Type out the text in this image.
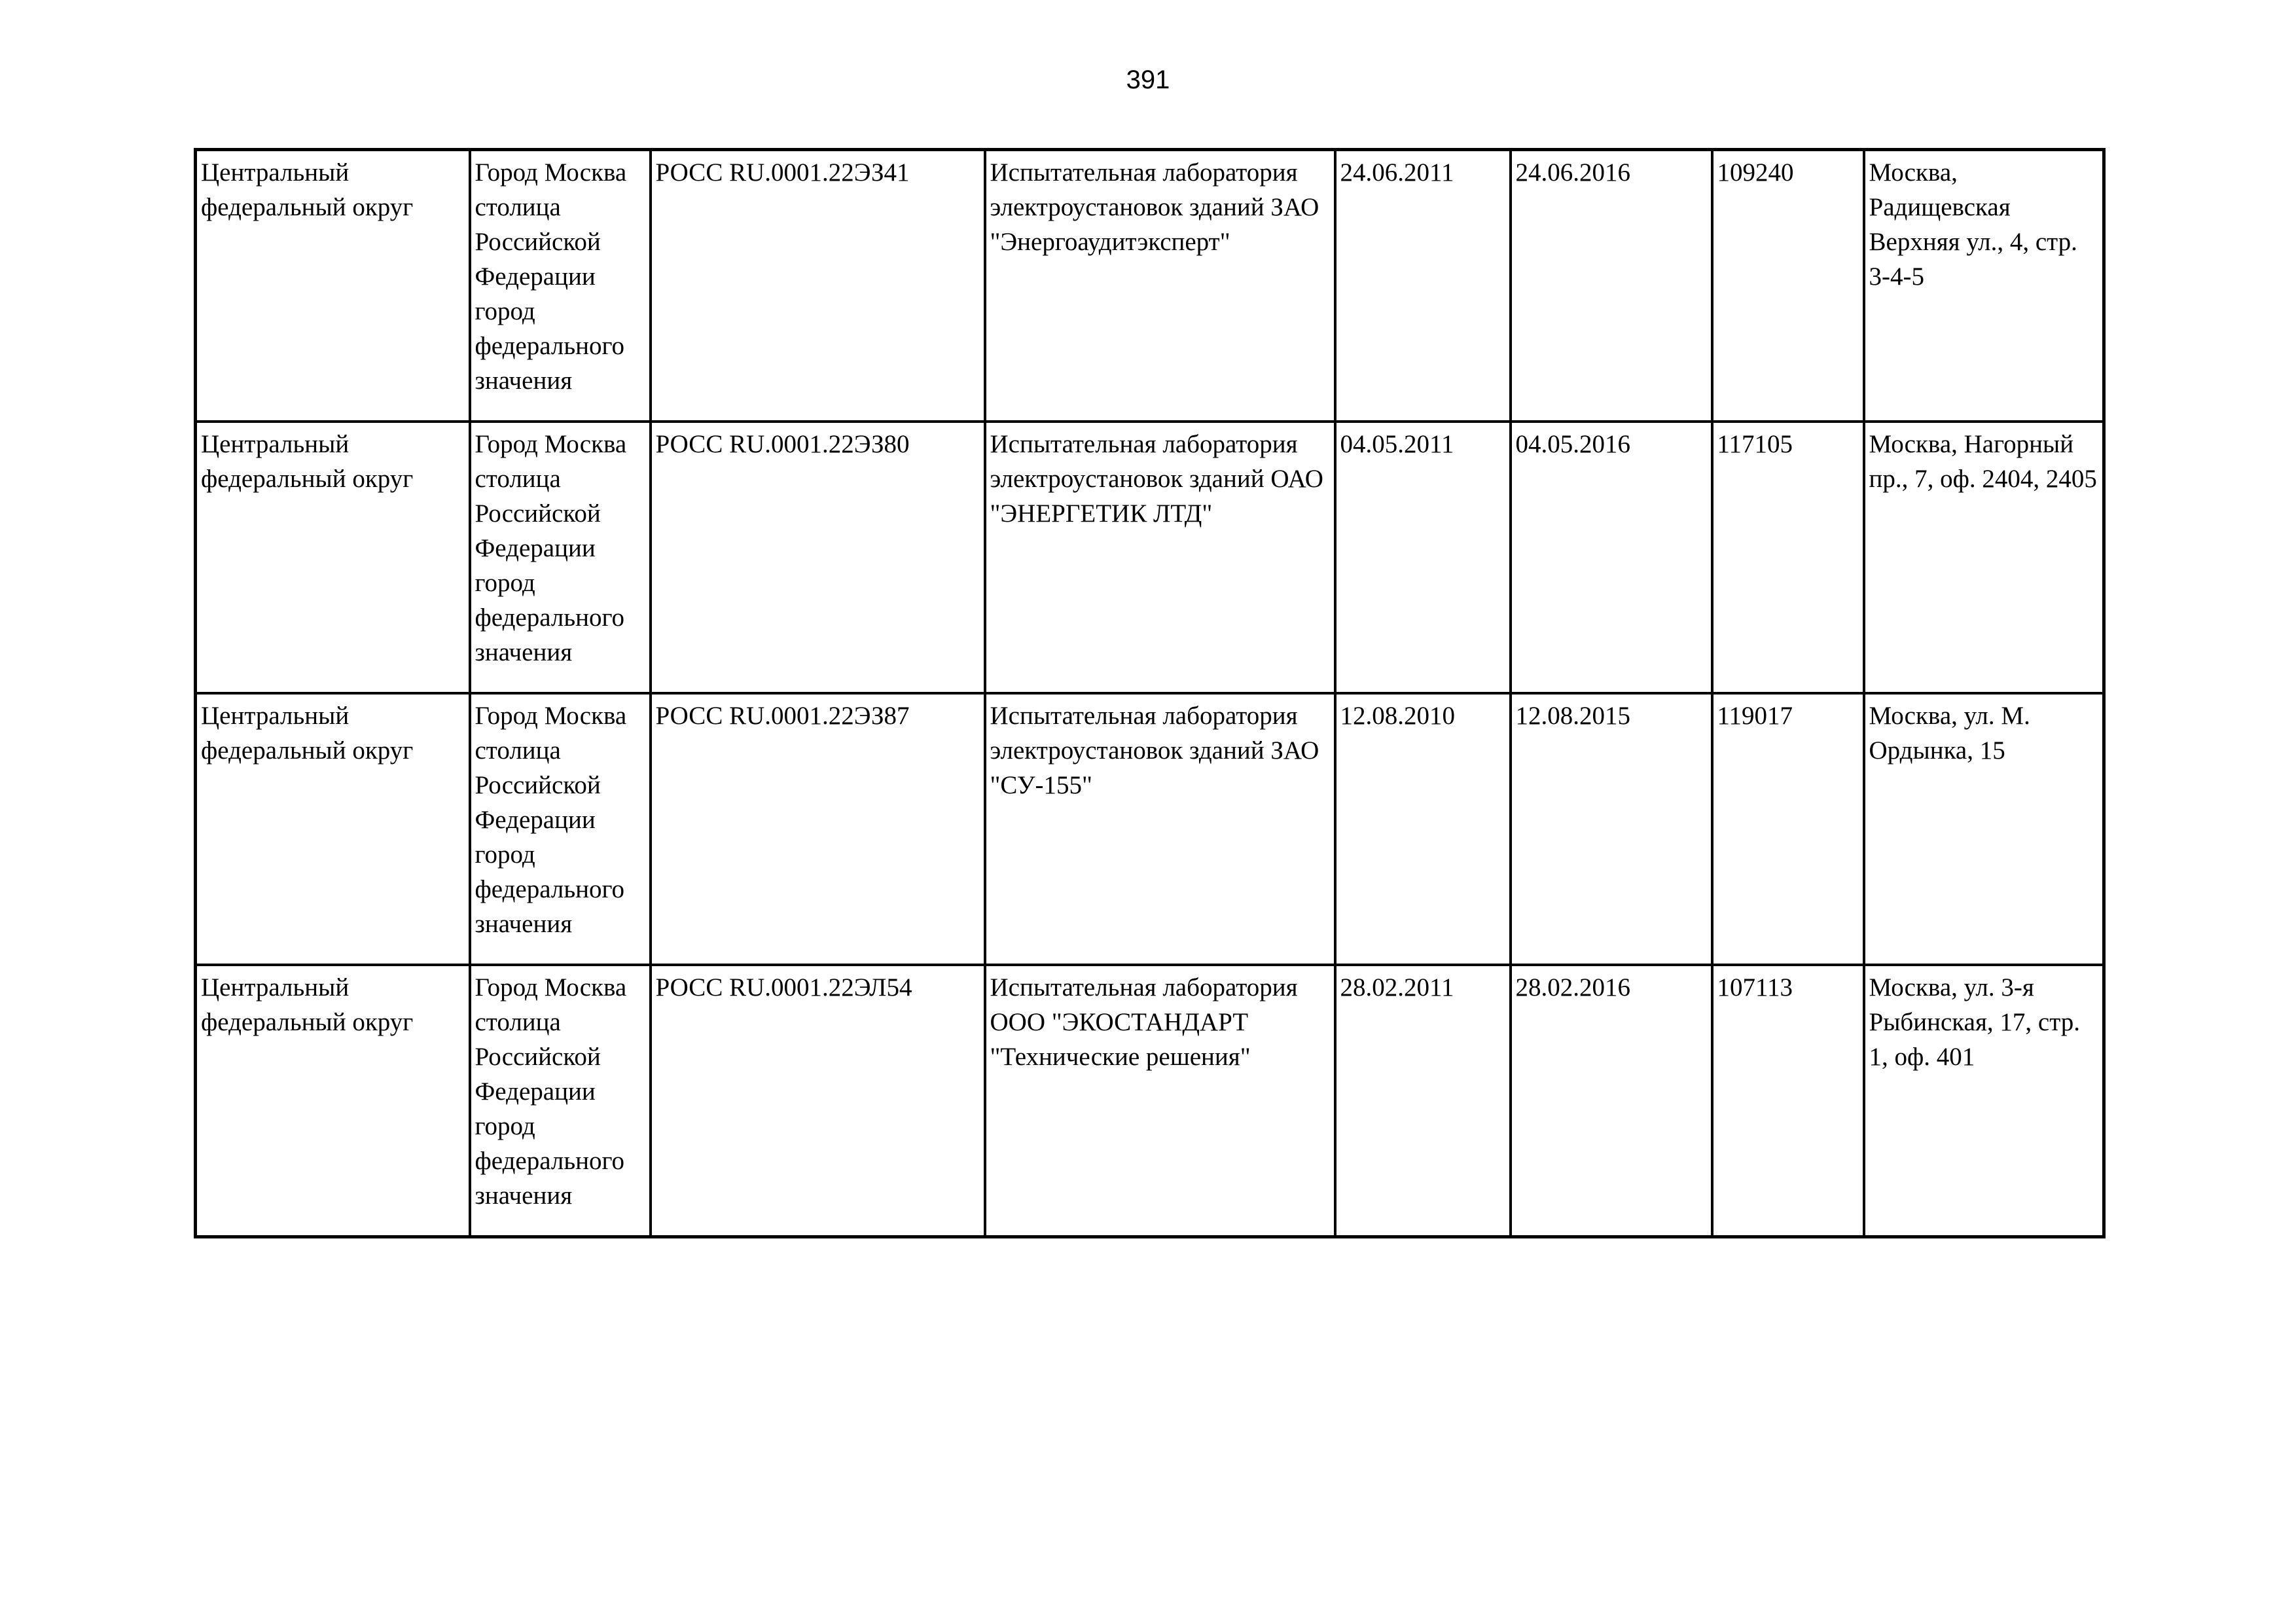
391
Центральный федеральный округ	Город Москва столица Российской Федерации город федерального значения	РОСС RU.0001.22ЭЗ41	Испытательная лаборатория электроустановок зданий ЗАО "Энергоаудитэксперт"	24.06.2011	24.06.2016	109240	Москва, Радищевская Верхняя ул., 4, стр. 3-4-5

Центральный федеральный округ	Город Москва столица Российской Федерации город федерального значения	РОСС RU.0001.22ЭЗ80	Испытательная лаборатория электроустановок зданий ОАО "ЭНЕРГЕТИК ЛТД"	04.05.2011	04.05.2016	117105	Москва, Нагорный пр., 7, оф. 2404, 2405

Центральный федеральный округ	Город Москва столица Российской Федерации город федерального значения	РОСС RU.0001.22ЭЗ87	Испытательная лаборатория электроустановок зданий ЗАО "СУ-155"	12.08.2010	12.08.2015	119017	Москва, ул. М. Ордынка, 15

Центральный федеральный округ	Город Москва столица Российской Федерации город федерального значения	РОСС RU.0001.22ЭЛ54	Испытательная лаборатория ООО "ЭКОСТАНДАРТ "Технические решения"	28.02.2011	28.02.2016	107113	Москва, ул. 3-я Рыбинская, 17, стр. 1, оф. 401
